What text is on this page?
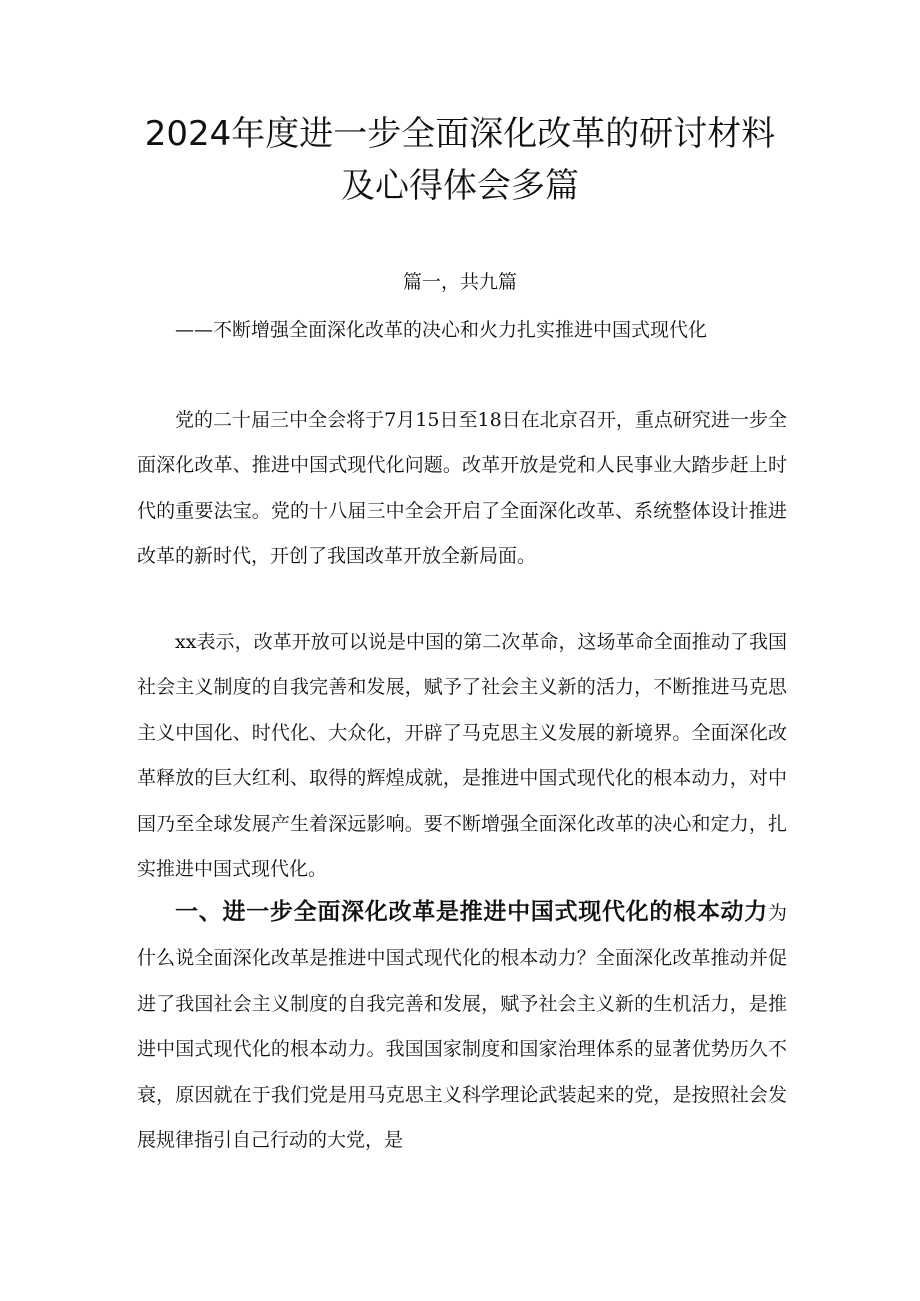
2024年度进一步全面深化改革的研讨材料
及心得体会多篇
篇一，共九篇

——不断增强全面深化改革的决心和火力扎实推进中国式现代化

党的二十届三中全会将于7月15日至18日在北京召开，重点研究进一步全面深化改革、推进中国式现代化问题。改革开放是党和人民事业大踏步赶上时代的重要法宝。党的十八届三中全会开启了全面深化改革、系统整体设计推进改革的新时代，开创了我国改革开放全新局面。

xx表示，改革开放可以说是中国的第二次革命，这场革命全面推动了我国社会主义制度的自我完善和发展，赋予了社会主义新的活力，不断推进马克思主义中国化、时代化、大众化，开辟了马克思主义发展的新境界。全面深化改革释放的巨大红利、取得的辉煌成就，是推进中国式现代化的根本动力，对中国乃至全球发展产生着深远影响。要不断增强全面深化改革的决心和定力，扎实推进中国式现代化。

一、进一步全面深化改革是推进中国式现代化的根本动力为什么说全面深化改革是推进中国式现代化的根本动力？全面深化改革推动并促进了我国社会主义制度的自我完善和发展，赋予社会主义新的生机活力，是推进中国式现代化的根本动力。我国国家制度和国家治理体系的显著优势历久不衰，原因就在于我们党是用马克思主义科学理论武装起来的党，是按照社会发展规律指引自己行动的大党，是
